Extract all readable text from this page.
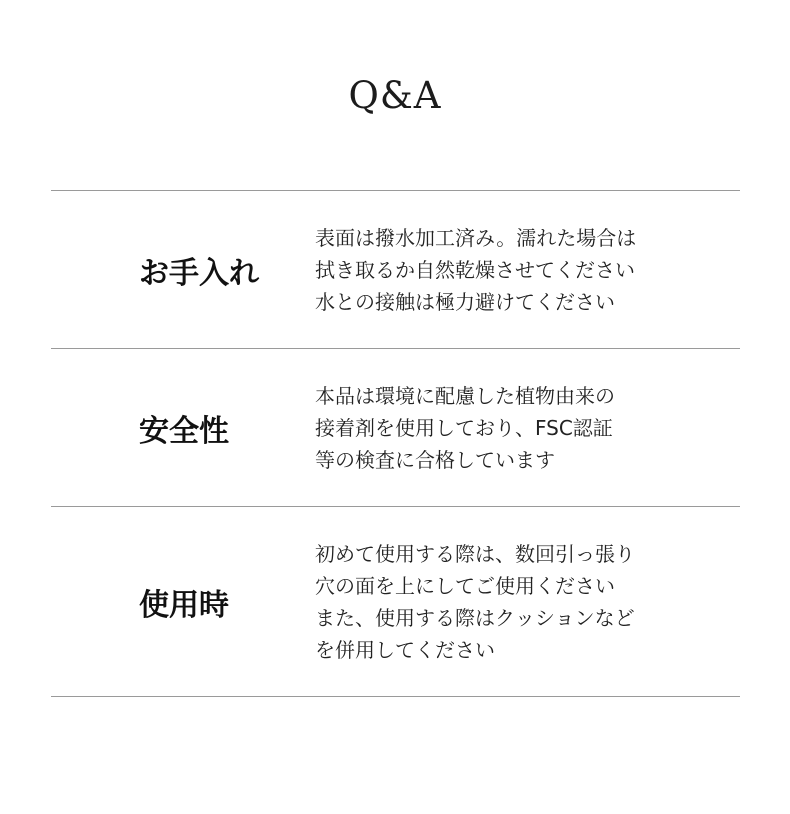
Q&A
お手入れ
表面は撥水加工済み。濡れた場合は
拭き取るか自然乾燥させてください
水との接触は極力避けてください
安全性
本品は環境に配慮した植物由来の
接着剤を使用しており、FSC認証
等の検査に合格しています
使用時
初めて使用する際は、数回引っ張り
穴の面を上にしてご使用ください
また、使用する際はクッションなど
を併用してください
